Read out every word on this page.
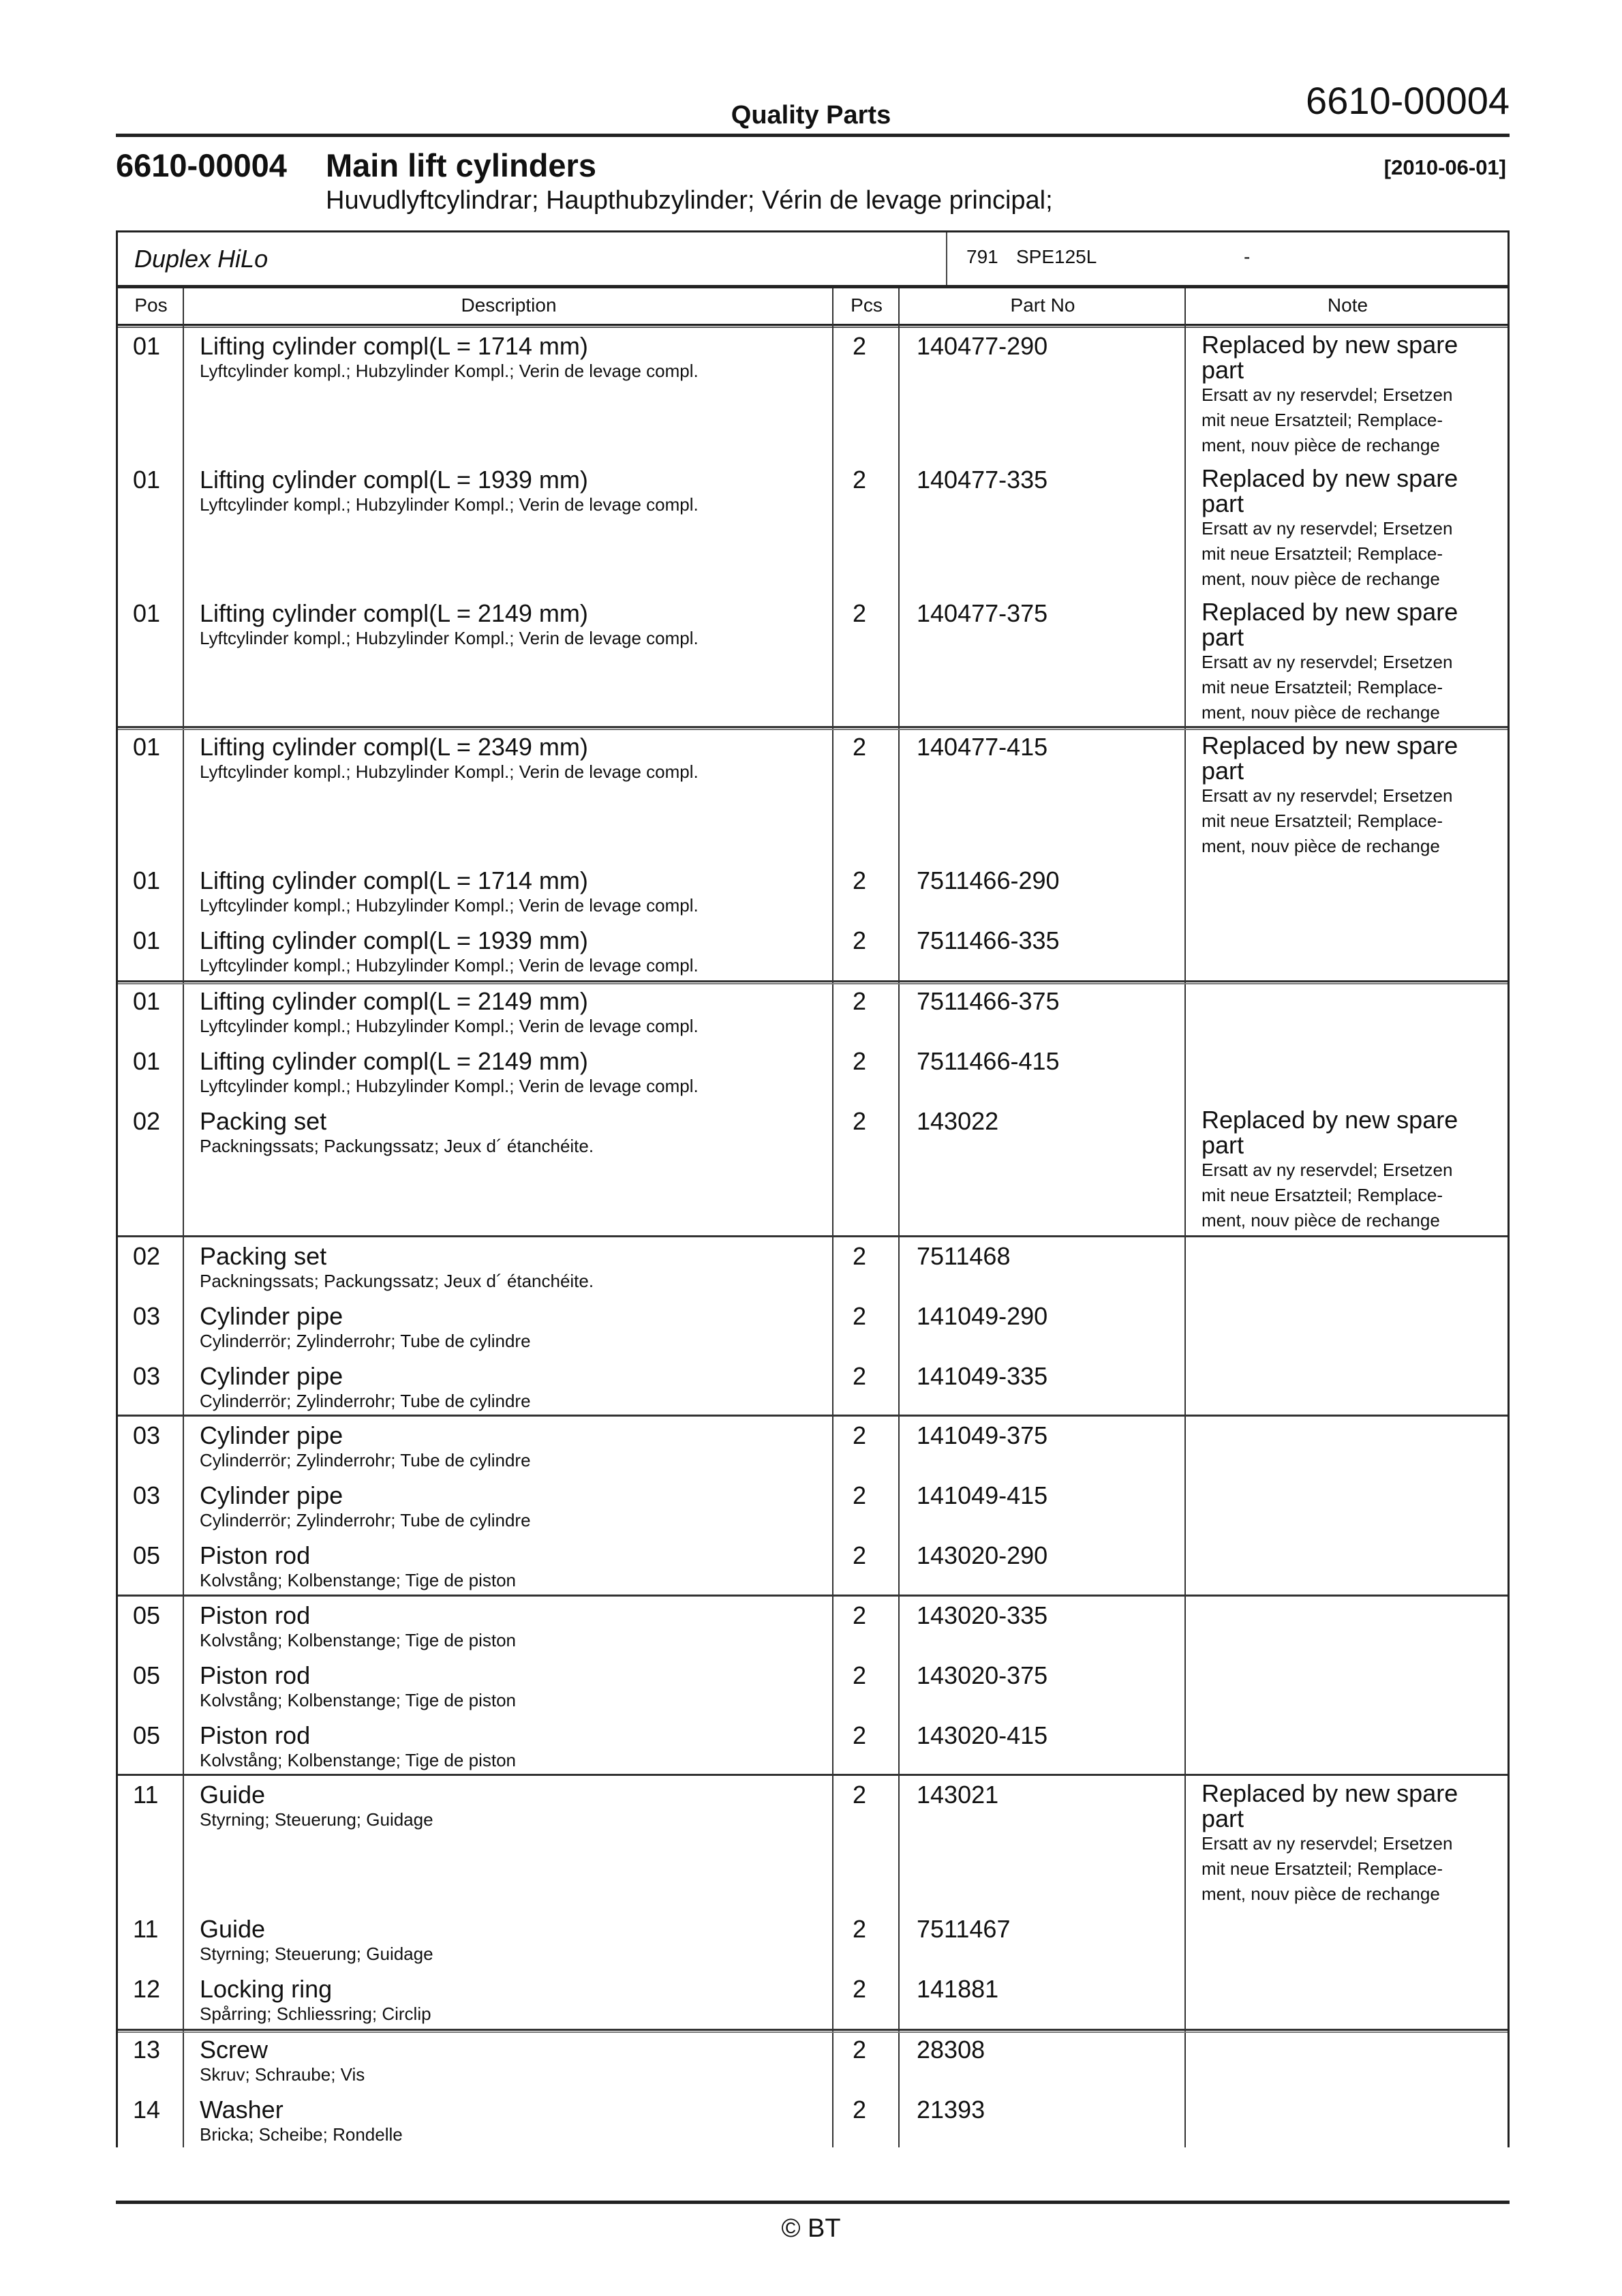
Quality Parts	6610-00004
6610-00004 Main lift cylinders	[2010-06-01]
Huvudlyftcylindrar; Haupthubzylinder; Vérin de levage principal;
Duplex HiLo	791 SPE125L	-
Pos	Description	Pcs	Part No	Note
01 Lifting cylinder compl(L = 1714 mm)
Lyftcylinder kompl.; Hubzylinder Kompl.; Verin de levage compl.
2 140477-290	Replaced by new spare
part
Ersatt av ny reservdel; Ersetzen
mit neue Ersatzteil; Remplace-
ment, nouv pièce de rechange
01 Lifting cylinder compl(L = 1939 mm)
Lyftcylinder kompl.; Hubzylinder Kompl.; Verin de levage compl.
2 140477-335	Replaced by new spare
part
Ersatt av ny reservdel; Ersetzen
mit neue Ersatzteil; Remplace-
ment, nouv pièce de rechange
01 Lifting cylinder compl(L = 2149 mm)
Lyftcylinder kompl.; Hubzylinder Kompl.; Verin de levage compl.
2 140477-375	Replaced by new spare
part
Ersatt av ny reservdel; Ersetzen
mit neue Ersatzteil; Remplace-
ment, nouv pièce de rechange
01 Lifting cylinder compl(L = 2349 mm)
Lyftcylinder kompl.; Hubzylinder Kompl.; Verin de levage compl.
2 140477-415	Replaced by new spare
part
Ersatt av ny reservdel; Ersetzen
mit neue Ersatzteil; Remplace-
ment, nouv pièce de rechange
01 Lifting cylinder compl(L = 1714 mm)
Lyftcylinder kompl.; Hubzylinder Kompl.; Verin de levage compl.
2 7511466-290
01 Lifting cylinder compl(L = 1939 mm)
Lyftcylinder kompl.; Hubzylinder Kompl.; Verin de levage compl.
2 7511466-335
01 Lifting cylinder compl(L = 2149 mm)
Lyftcylinder kompl.; Hubzylinder Kompl.; Verin de levage compl.
2 7511466-375
01 Lifting cylinder compl(L = 2149 mm)
Lyftcylinder kompl.; Hubzylinder Kompl.; Verin de levage compl.
2 7511466-415
02 Packing set
Packningssats; Packungssatz; Jeux d´ étanchéite.
2 143022	Replaced by new spare
part
Ersatt av ny reservdel; Ersetzen
mit neue Ersatzteil; Remplace-
ment, nouv pièce de rechange
02 Packing set
Packningssats; Packungssatz; Jeux d´ étanchéite.
2 7511468
03 Cylinder pipe
Cylinderrör; Zylinderrohr; Tube de cylindre
2 141049-290
03 Cylinder pipe
Cylinderrör; Zylinderrohr; Tube de cylindre
2 141049-335
03 Cylinder pipe
Cylinderrör; Zylinderrohr; Tube de cylindre
2 141049-375
03 Cylinder pipe
Cylinderrör; Zylinderrohr; Tube de cylindre
2 141049-415
05 Piston rod
Kolvstång; Kolbenstange; Tige de piston
2 143020-290
05 Piston rod
Kolvstång; Kolbenstange; Tige de piston
2 143020-335
05 Piston rod
Kolvstång; Kolbenstange; Tige de piston
2 143020-375
05 Piston rod
Kolvstång; Kolbenstange; Tige de piston
2 143020-415
11 Guide
Styrning; Steuerung; Guidage
2 143021	Replaced by new spare
part
Ersatt av ny reservdel; Ersetzen
mit neue Ersatzteil; Remplace-
ment, nouv pièce de rechange
11 Guide
Styrning; Steuerung; Guidage
2 7511467
12 Locking ring
Spårring; Schliessring; Circlip
2 141881
13 Screw
Skruv; Schraube; Vis
2 28308
14 Washer
Bricka; Scheibe; Rondelle
2 21393
© BT
